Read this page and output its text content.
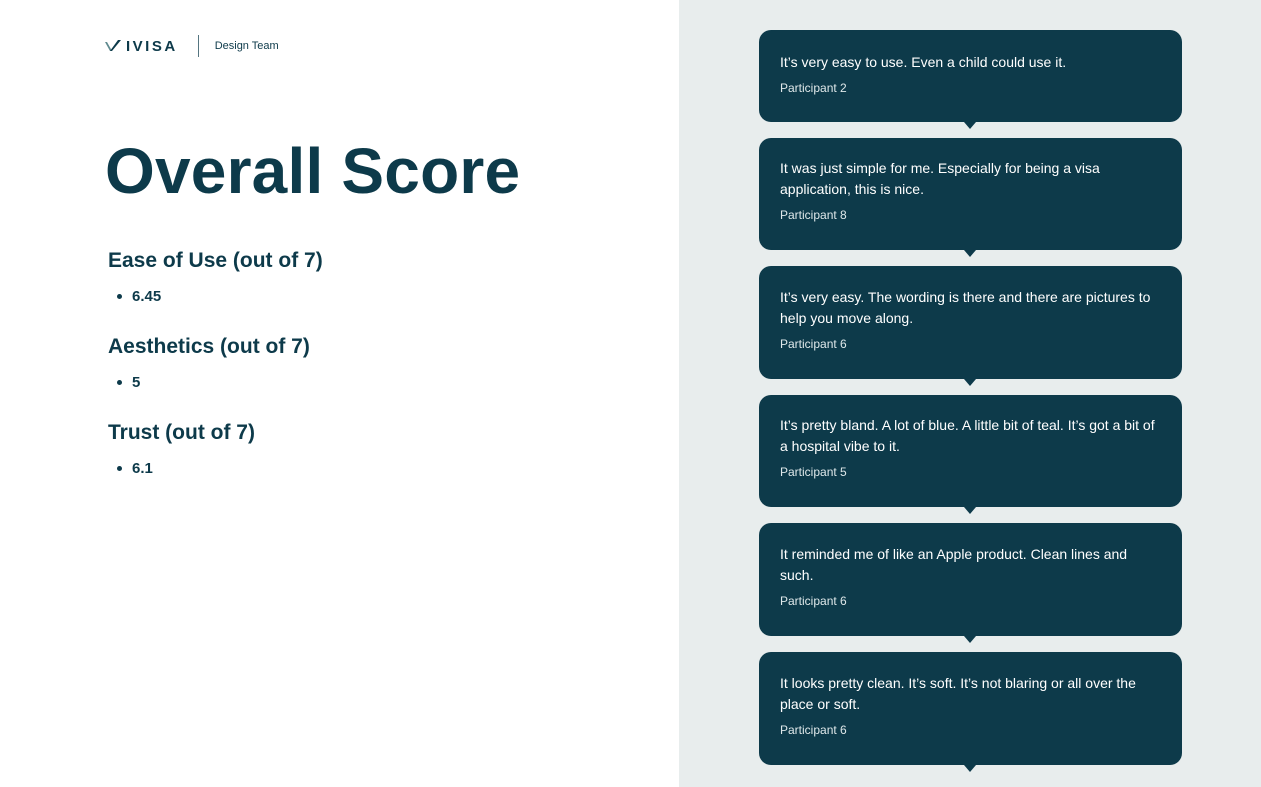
IVISA	Design Team
Overall Score
Ease of Use (out of 7)
6.45
Aesthetics (out of 7)
5
Trust (out of 7)
6.1
It’s very easy to use. Even a child could use it.
Participant 2
It was just simple for me. Especially for being a visa application, this is nice.
Participant 8
It’s very easy. The wording is there and there are pictures to help you move along.
Participant 6
It’s pretty bland. A lot of blue. A little bit of teal. It’s got a bit of a hospital vibe to it.
Participant 5
It reminded me of like an Apple product. Clean lines and such.
Participant 6
It looks pretty clean. It’s soft. It’s not blaring or all over the place or soft.
Participant 6
